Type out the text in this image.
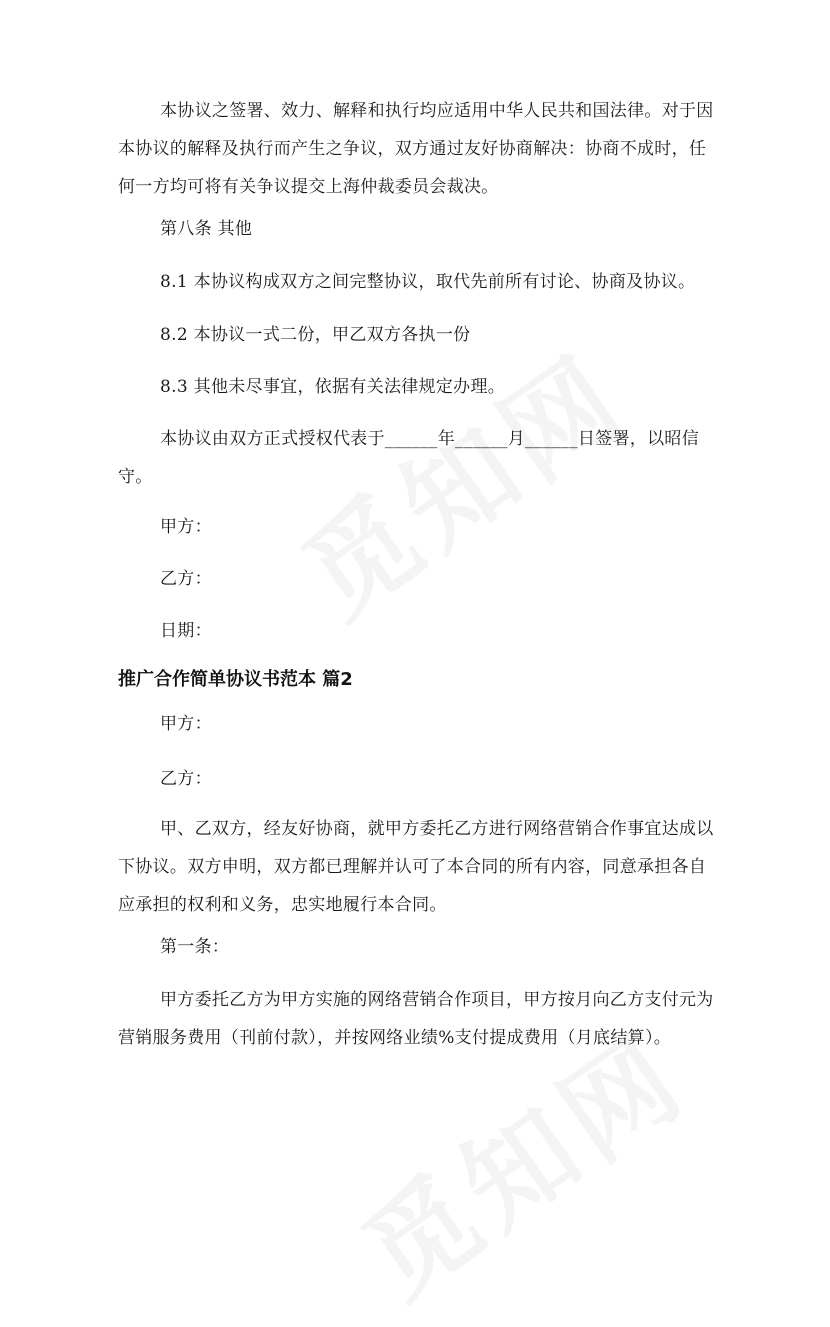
本协议之签署、效力、解释和执行均应适用中华人民共和国法律。对于因
本协议的解释及执行而产生之争议，双方通过友好协商解决：协商不成时，任
何一方均可将有关争议提交上海仲裁委员会裁决。

第八条 其他

8.1 本协议构成双方之间完整协议，取代先前所有讨论、协商及协议。

8.2 本协议一式二份，甲乙双方各执一份

8.3 其他未尽事宜，依据有关法律规定办理。

本协议由双方正式授权代表于______年______月______日签署，以昭信
守。

甲方：

乙方：

日期：

推广合作简单协议书范本 篇2

甲方：

乙方：

甲、乙双方，经友好协商，就甲方委托乙方进行网络营销合作事宜达成以
下协议。双方申明，双方都已理解并认可了本合同的所有内容，同意承担各自
应承担的权利和义务，忠实地履行本合同。

第一条：

甲方委托乙方为甲方实施的网络营销合作项目，甲方按月向乙方支付元为
营销服务费用（刊前付款），并按网络业绩%支付提成费用（月底结算）。
